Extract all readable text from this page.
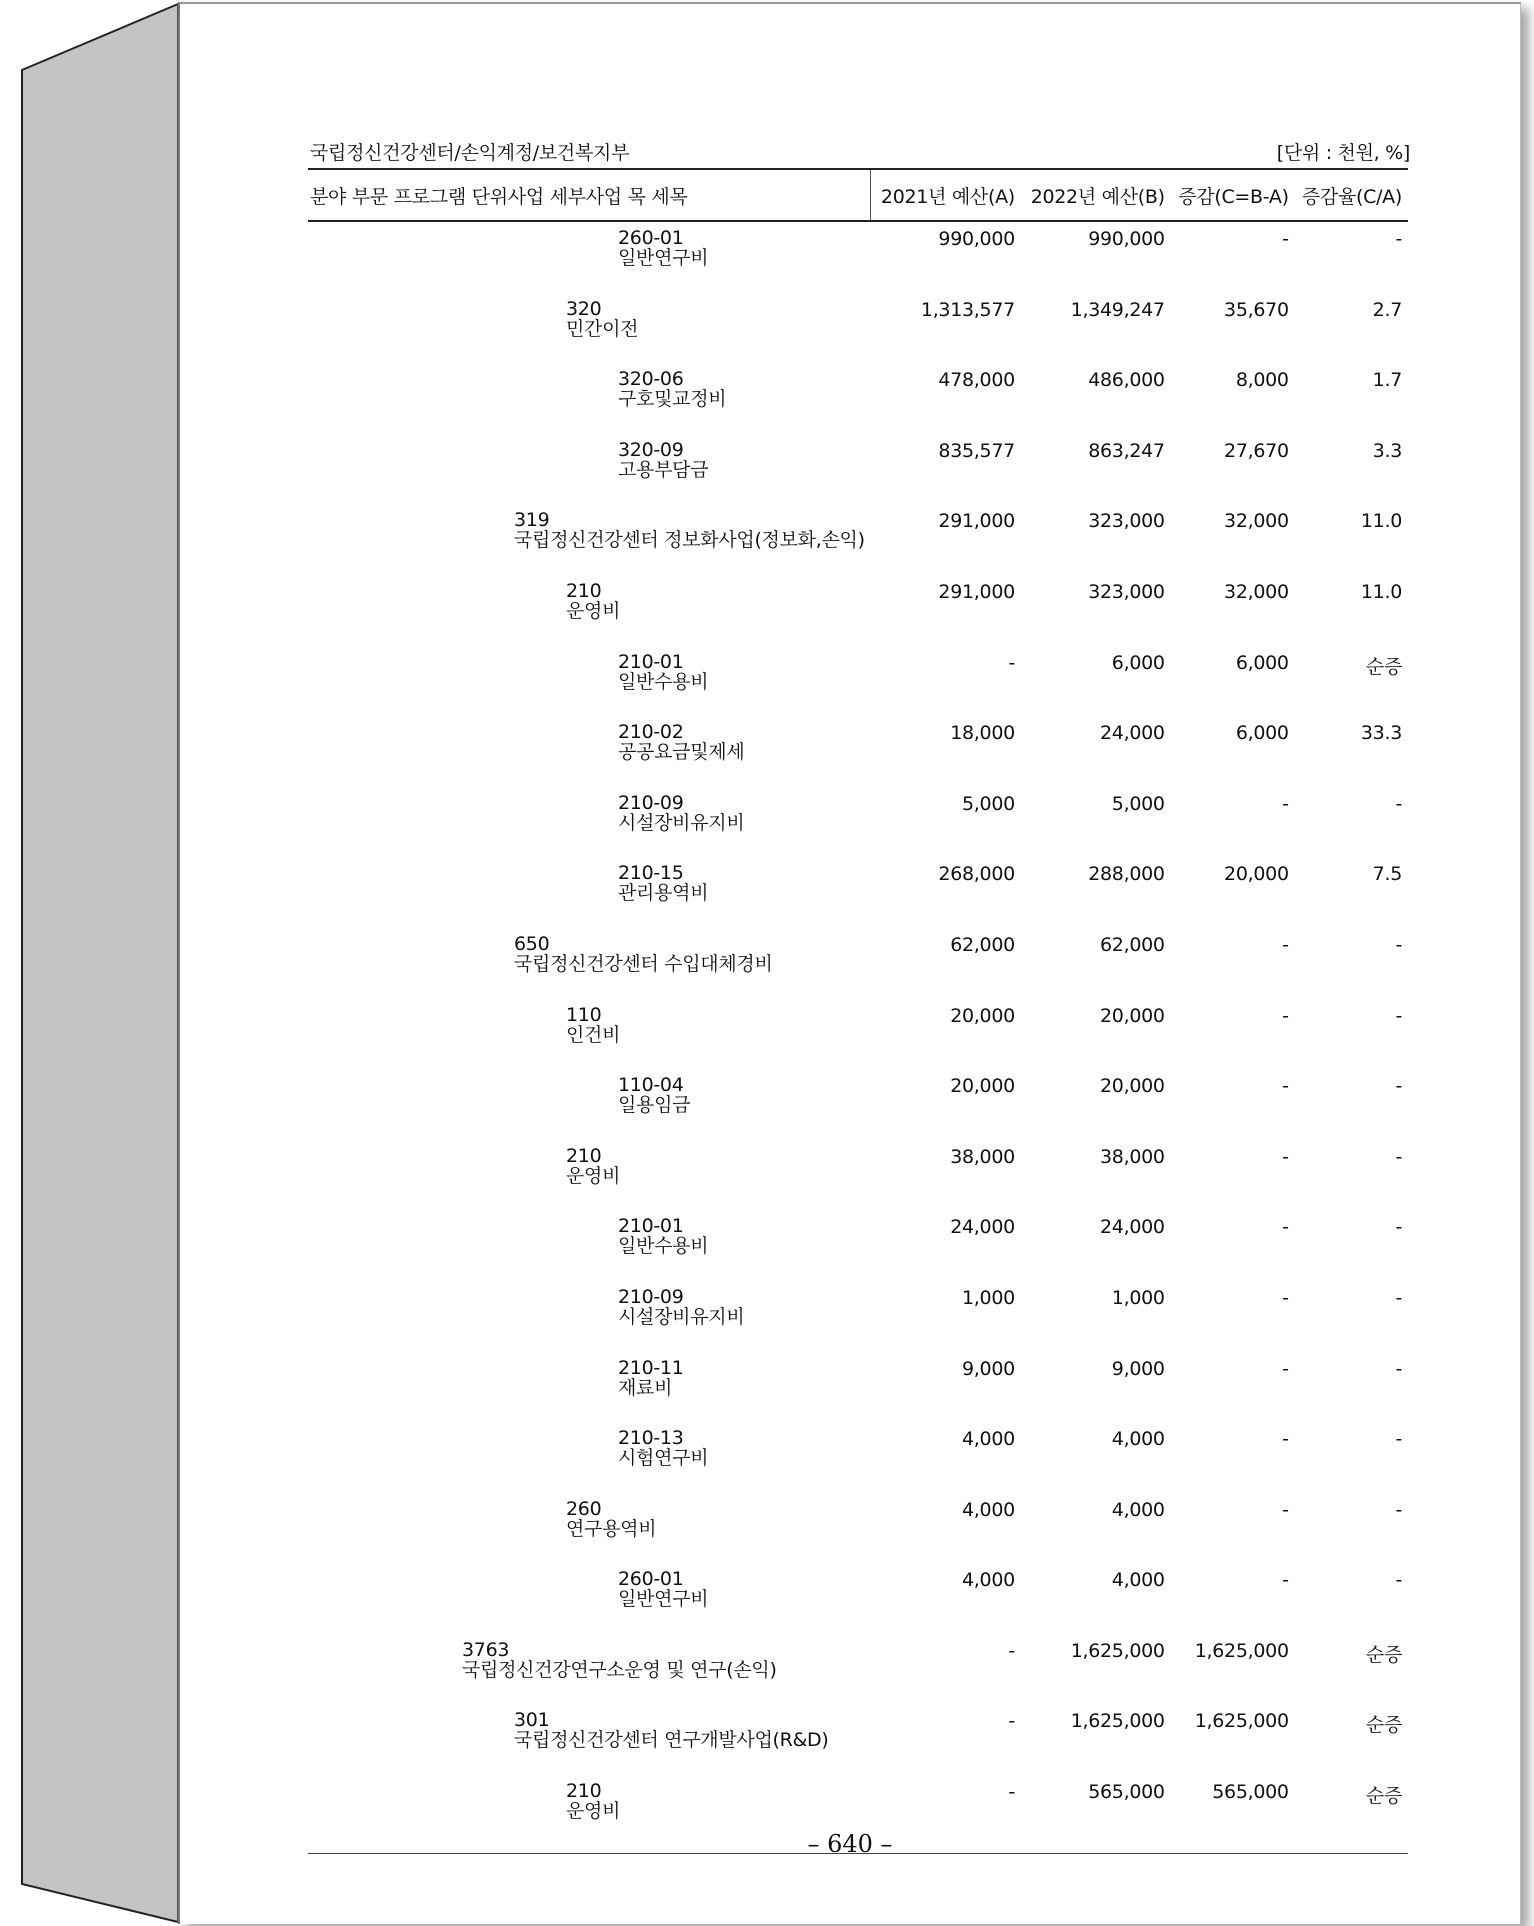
국립정신건강센터/손익계정/보건복지부	[단위 : 천원, %]
분야 부문 프로그램 단위사업 세부사업 목 세목	2021년 예산(A)	2022년 예산(B)	증감(C=B-A)	증감율(C/A)

260-01
일반연구비	990,000	990,000	-	-

320
민간이전	1,313,577	1,349,247	35,670	2.7

320-06
구호및교정비	478,000	486,000	8,000	1.7

320-09
고용부담금	835,577	863,247	27,670	3.3

319
국립정신건강센터 정보화사업(정보화,손익)	291,000	323,000	32,000	11.0

210
운영비	291,000	323,000	32,000	11.0

210-01
일반수용비	-	6,000	6,000	순증

210-02
공공요금및제세	18,000	24,000	6,000	33.3

210-09
시설장비유지비	5,000	5,000	-	-

210-15
관리용역비	268,000	288,000	20,000	7.5

650
국립정신건강센터 수입대체경비	62,000	62,000	-	-

110
인건비	20,000	20,000	-	-

110-04
일용임금	20,000	20,000	-	-

210
운영비	38,000	38,000	-	-

210-01
일반수용비	24,000	24,000	-	-

210-09
시설장비유지비	1,000	1,000	-	-

210-11
재료비	9,000	9,000	-	-

210-13
시험연구비	4,000	4,000	-	-

260
연구용역비	4,000	4,000	-	-

260-01
일반연구비	4,000	4,000	-	-

3763
국립정신건강연구소운영 및 연구(손익)	-	1,625,000	1,625,000	순증

301
국립정신건강센터 연구개발사업(R&D)	-	1,625,000	1,625,000	순증

210
운영비	-	565,000	565,000	순증
– 640 –
